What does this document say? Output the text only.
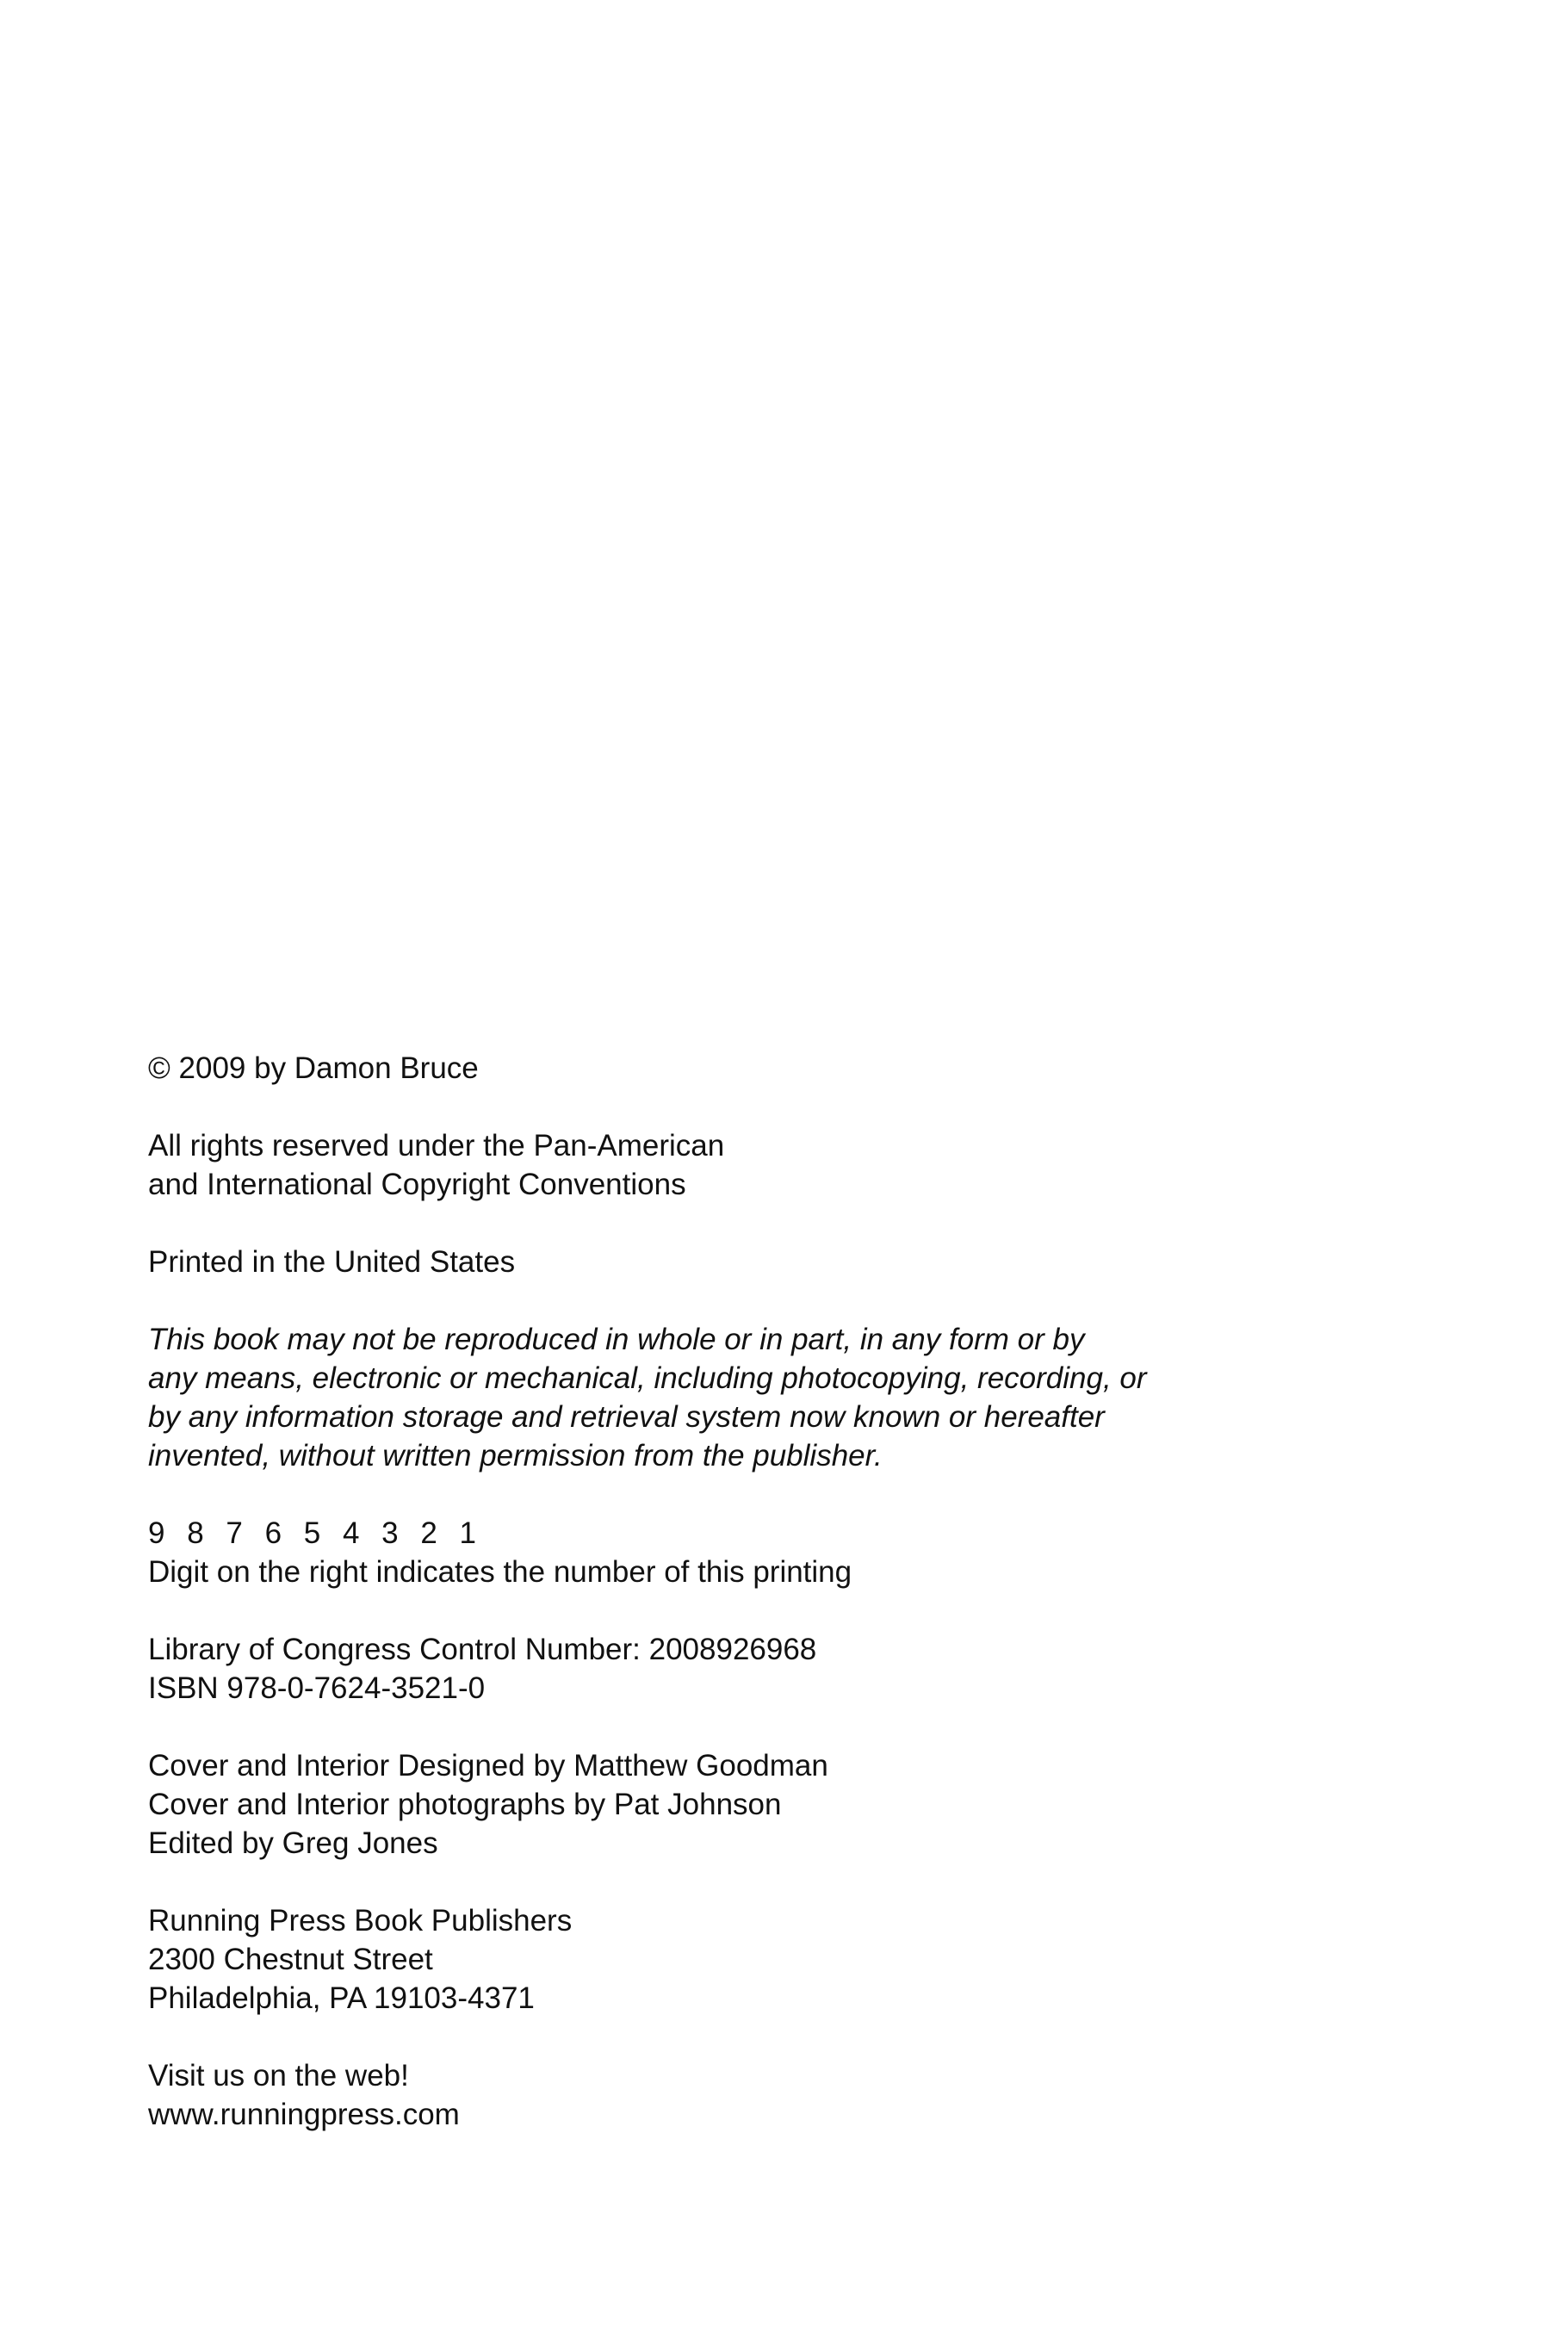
© 2009 by Damon Bruce
All rights reserved under the Pan-American
and International Copyright Conventions
Printed in the United States
This book may not be reproduced in whole or in part, in any form or by
any means, electronic or mechanical, including photocopying, recording, or
by any information storage and retrieval system now known or hereafter
invented, without written permission from the publisher.
9 8 7 6 5 4 3 2 1
Digit on the right indicates the number of this printing
Library of Congress Control Number: 2008926968
ISBN 978-0-7624-3521-0
Cover and Interior Designed by Matthew Goodman
Cover and Interior photographs by Pat Johnson
Edited by Greg Jones
Running Press Book Publishers
2300 Chestnut Street
Philadelphia, PA 19103-4371
Visit us on the web!
www.runningpress.com
